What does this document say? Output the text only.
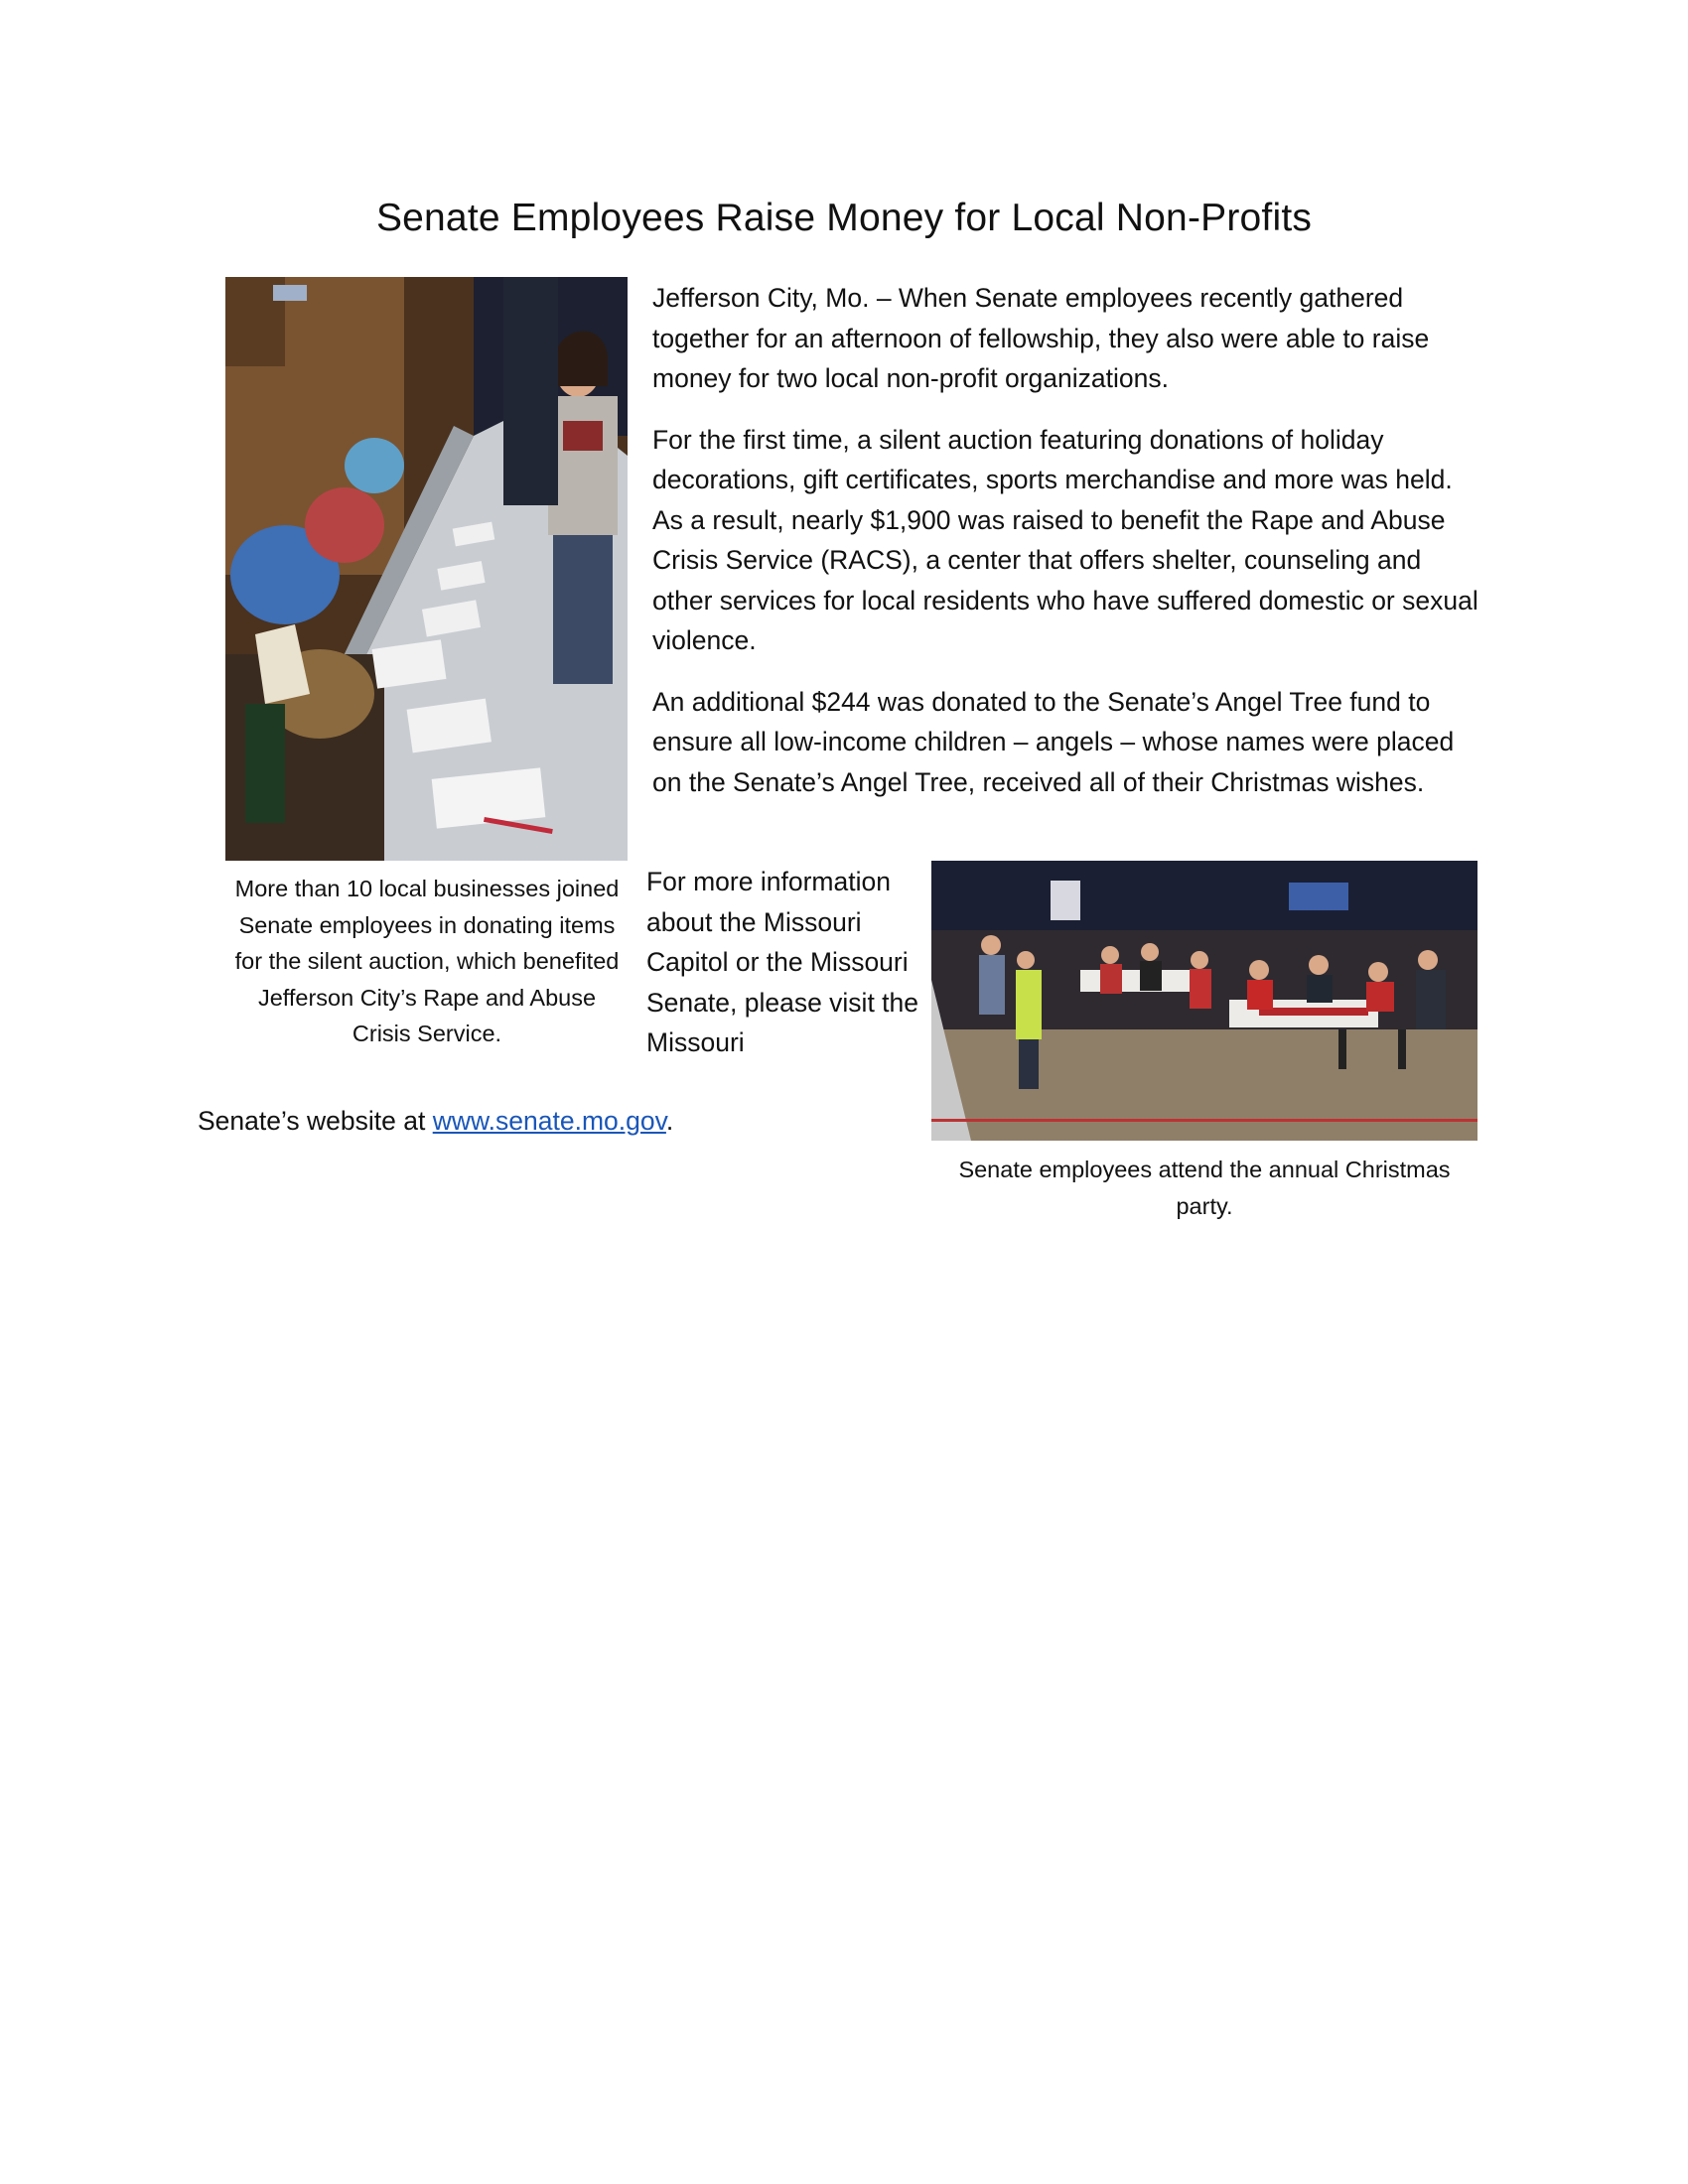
Senate Employees Raise Money for Local Non-Profits

Jefferson City, Mo. – When Senate employees recently gathered together for an afternoon of fellowship, they also were able to raise money for two local non-profit organizations.

For the first time, a silent auction featuring donations of holiday decorations, gift certificates, sports merchandise and more was held. As a result, nearly $1,900 was raised to benefit the Rape and Abuse Crisis Service (RACS), a center that offers shelter, counseling and other services for local residents who have suffered domestic or sexual violence.

An additional $244 was donated to the Senate’s Angel Tree fund to ensure all low-income children – angels – whose names were placed on the Senate’s Angel Tree, received all of their Christmas wishes.

More than 10 local businesses joined Senate employees in donating items for the silent auction, which benefited Jefferson City’s Rape and Abuse Crisis Service.
For more information about the Missouri Capitol or the Missouri Senate, please visit the Missouri
Senate’s website at www.senate.mo.gov.
Senate employees attend the annual Christmas party.
